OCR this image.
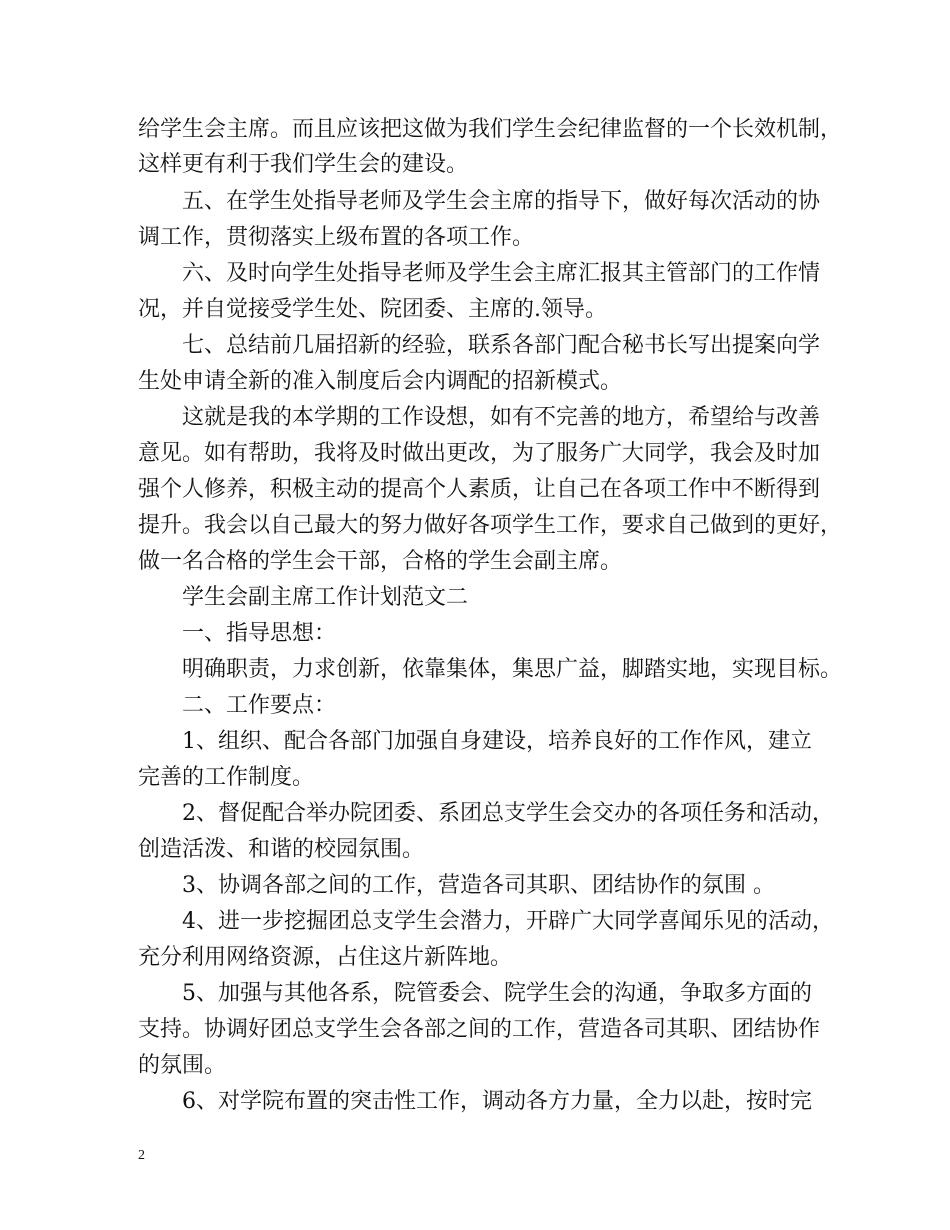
给学生会主席。而且应该把这做为我们学生会纪律监督的一个长效机制，
这样更有利于我们学生会的建设。
五、在学生处指导老师及学生会主席的指导下，做好每次活动的协
调工作，贯彻落实上级布置的各项工作。
六、及时向学生处指导老师及学生会主席汇报其主管部门的工作情
况，并自觉接受学生处、院团委、主席的.领导。
七、总结前几届招新的经验，联系各部门配合秘书长写出提案向学
生处申请全新的准入制度后会内调配的招新模式。
这就是我的本学期的工作设想，如有不完善的地方，希望给与改善
意见。如有帮助，我将及时做出更改，为了服务广大同学，我会及时加
强个人修养，积极主动的提高个人素质，让自己在各项工作中不断得到
提升。我会以自己最大的努力做好各项学生工作，要求自己做到的更好，
做一名合格的学生会干部，合格的学生会副主席。
学生会副主席工作计划范文二
一、指导思想：
明确职责，力求创新，依靠集体，集思广益，脚踏实地，实现目标。
二、工作要点：
1、组织、配合各部门加强自身建设，培养良好的工作作风，建立
完善的工作制度。
2、督促配合举办院团委、系团总支学生会交办的各项任务和活动，
创造活泼、和谐的校园氛围。
3、协调各部之间的工作，营造各司其职、团结协作的氛围 。
4、进一步挖掘团总支学生会潜力，开辟广大同学喜闻乐见的活动，
充分利用网络资源，占住这片新阵地。
5、加强与其他各系，院管委会、院学生会的沟通，争取多方面的
支持。协调好团总支学生会各部之间的工作，营造各司其职、团结协作
的氛围。
6、对学院布置的突击性工作，调动各方力量，全力以赴，按时完
2
